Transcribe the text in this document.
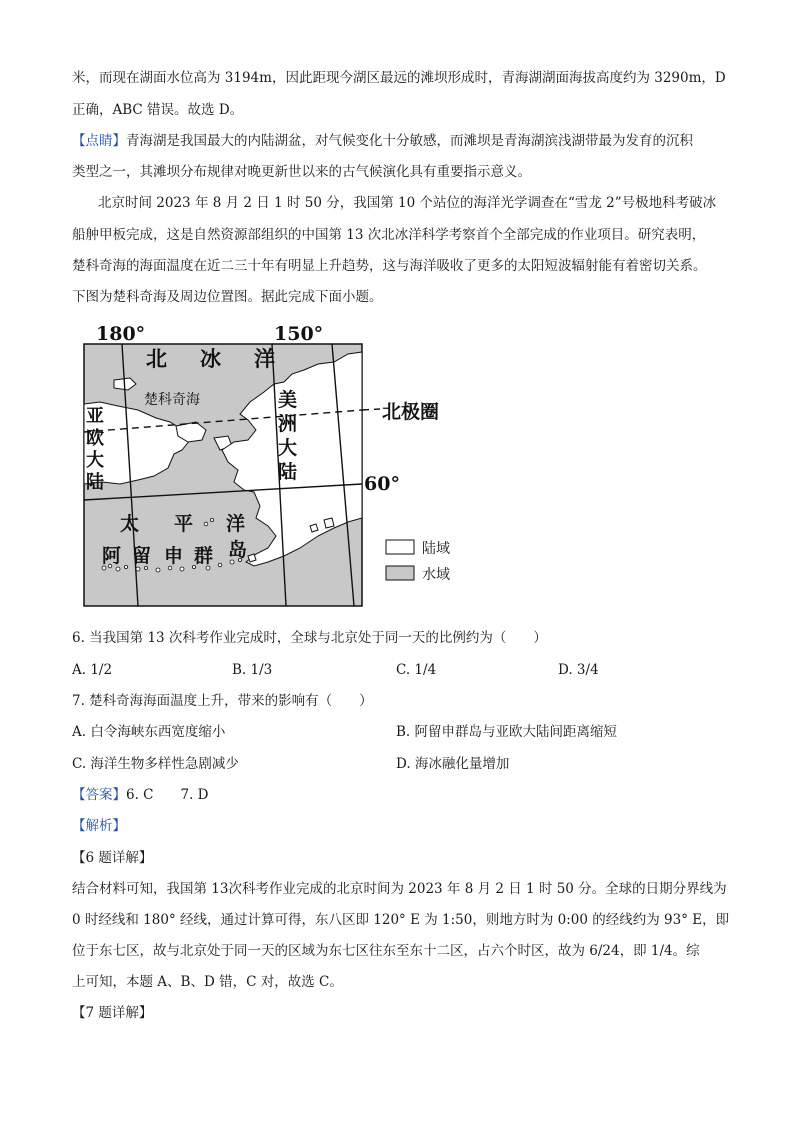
米，而现在湖面水位高为 3194m，因此距现今湖区最远的滩坝形成时，青海湖湖面海拔高度约为 3290m，D
正确，ABC 错误。故选 D。
【点睛】青海湖是我国最大的内陆湖盆，对气候变化十分敏感，而滩坝是青海湖滨浅湖带最为发育的沉积
类型之一，其滩坝分布规律对晚更新世以来的古气候演化具有重要指示意义。
北京时间 2023 年 8 月 2 日 1 时 50 分，我国第 10 个站位的海洋光学调查在“雪龙 2”号极地科考破冰
船舯甲板完成，这是自然资源部组织的中国第 13 次北冰洋科学考察首个全部完成的作业项目。研究表明，
楚科奇海的海面温度在近二三十年有明显上升趋势，这与海洋吸收了更多的太阳短波辐射能有着密切关系。
下图为楚科奇海及周边位置图。据此完成下面小题。
180°	150°
60°
北极圈
北 冰 洋
楚科奇海
亚
欧
大
陆
美
洲
大
陆
太 平 洋
阿 留 申 群 岛	陆域
水域
6. 当我国第 13 次科考作业完成时，全球与北京处于同一天的比例约为（　　）
A. 1/2	B. 1/3	C. 1/4	D. 3/4
7. 楚科奇海海面温度上升，带来的影响有（　　）
A. 白令海峡东西宽度缩小	B. 阿留申群岛与亚欧大陆间距离缩短
C. 海洋生物多样性急剧减少	D. 海冰融化量增加
【答案】6. C　　7. D
【解析】
【6 题详解】
结合材料可知，我国第 13次科考作业完成的北京时间为 2023 年 8 月 2 日 1 时 50 分。全球的日期分界线为
0 时经线和 180° 经线，通过计算可得，东八区即 120° E 为 1:50，则地方时为 0:00 的经线约为 93° E，即
位于东七区，故与北京处于同一天的区域为东七区往东至东十二区，占六个时区，故为 6/24，即 1/4。综
上可知，本题 A、B、D 错，C 对，故选 C。
【7 题详解】
